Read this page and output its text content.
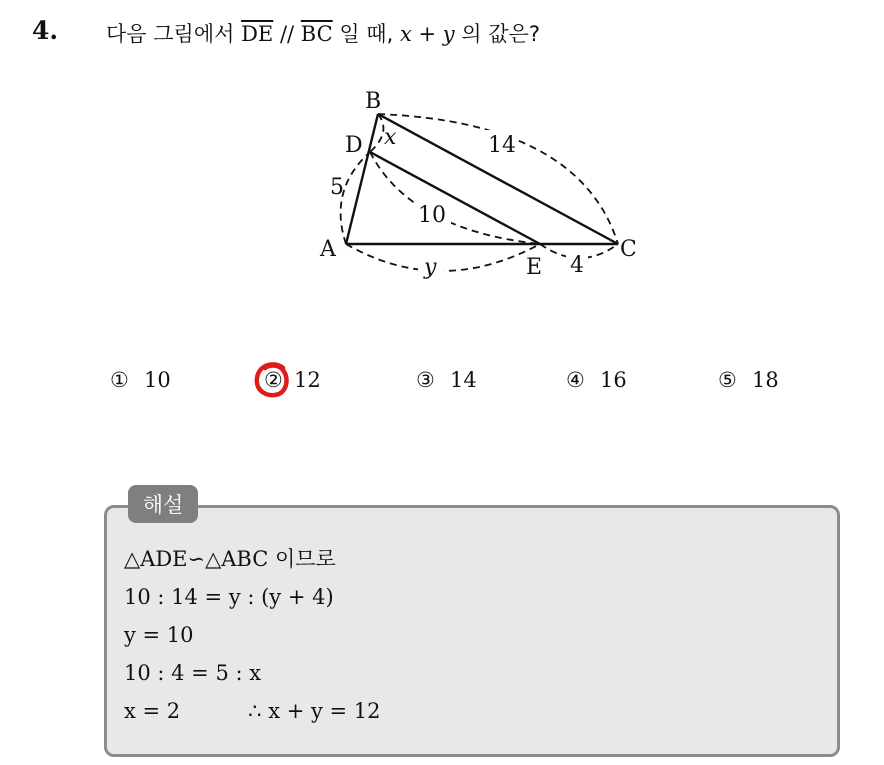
4. 다음 그림에서 $\overline{DE} // \overline{BC}$ 일 때, x + y 의 값은?
B
D
A
E
C
x	14
5
10
y	4
① 10	② 12	③ 14	④ 16	⑤ 18
해설
△ADE∽△ABC 이므로
10 : 14 = y : (y + 4)
y = 10
10 : 4 = 5 : x
x = 2	∴ x + y = 12
